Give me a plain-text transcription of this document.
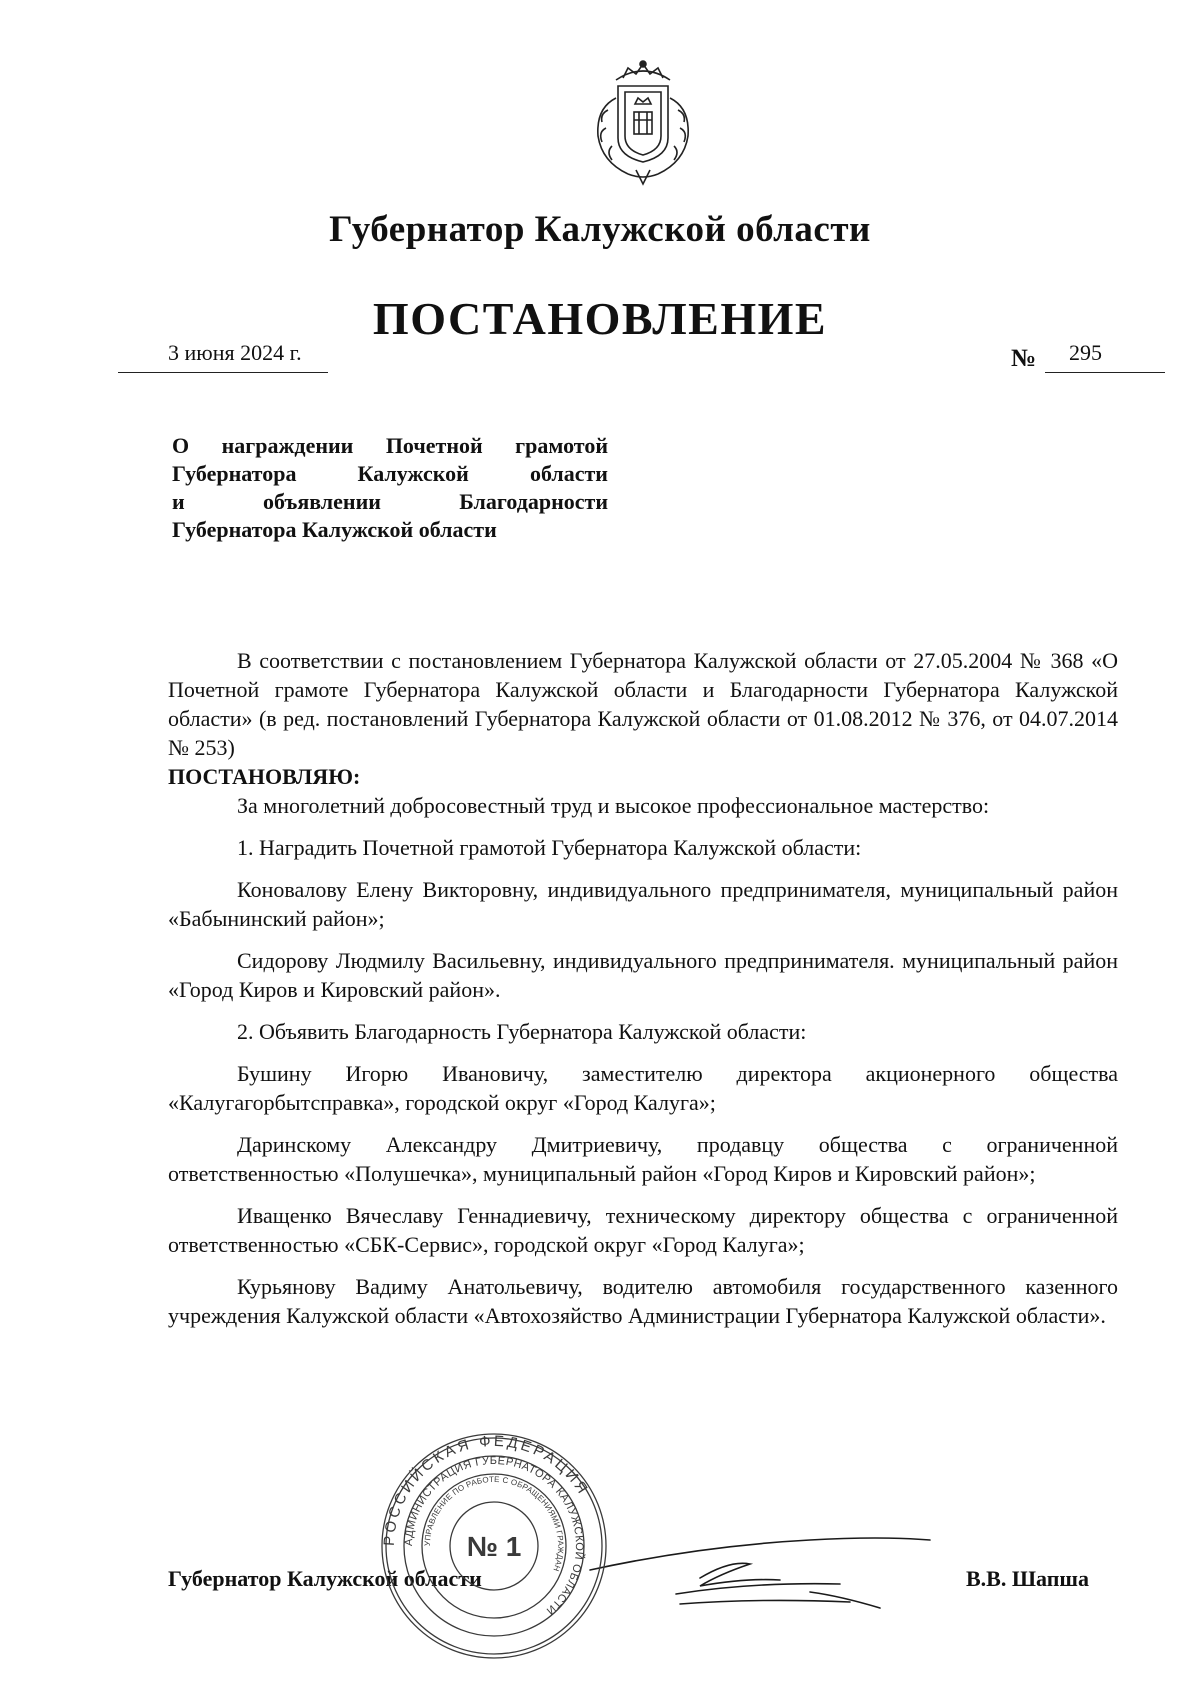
Губернатор Калужской области
ПОСТАНОВЛЕНИЕ
3 июня 2024 г.	№ 295
О награждении Почетной грамотой
Губернатора Калужской области
и объявлении Благодарности
Губернатора Калужской области

В соответствии с постановлением Губернатора Калужской области от 27.05.2004 № 368 «О Почетной грамоте Губернатора Калужской области и Благодарности Губернатора Калужской области» (в ред. постановлений Губернатора Калужской области от 01.08.2012 № 376, от 04.07.2014 № 253)

ПОСТАНОВЛЯЮ:

За многолетний добросовестный труд и высокое профессиональное мастерство:

1. Наградить Почетной грамотой Губернатора Калужской области:

Коновалову Елену Викторовну, индивидуального предпринимателя, муниципальный район «Бабынинский район»;

Сидорову Людмилу Васильевну, индивидуального предпринимателя. муниципальный район «Город Киров и Кировский район».

2. Объявить Благодарность Губернатора Калужской области:

Бушину Игорю Ивановичу, заместителю директора акционерного общества «Калугагорбытсправка», городской округ «Город Калуга»;

Даринскому Александру Дмитриевичу, продавцу общества с ограниченной ответственностью «Полушечка», муниципальный район «Город Киров и Кировский район»;

Иващенко Вячеславу Геннадиевичу, техническому директору общества с ограниченной ответственностью «СБК-Сервис», городской округ «Город Калуга»;

Курьянову Вадиму Анатольевичу, водителю автомобиля государственного казенного учреждения Калужской области «Автохозяйство Администрации Губернатора Калужской области».

Губернатор Калужской области	В.В. Шапша
РОССИЙСКАЯ ФЕДЕРАЦИЯ
АДМИНИСТРАЦИЯ ГУБЕРНАТОРА КАЛУЖСКОЙ ОБЛАСТИ
УПРАВЛЕНИЕ ПО РАБОТЕ С ОБРАЩЕНИЯМИ ГРАЖДАН
№ 1
